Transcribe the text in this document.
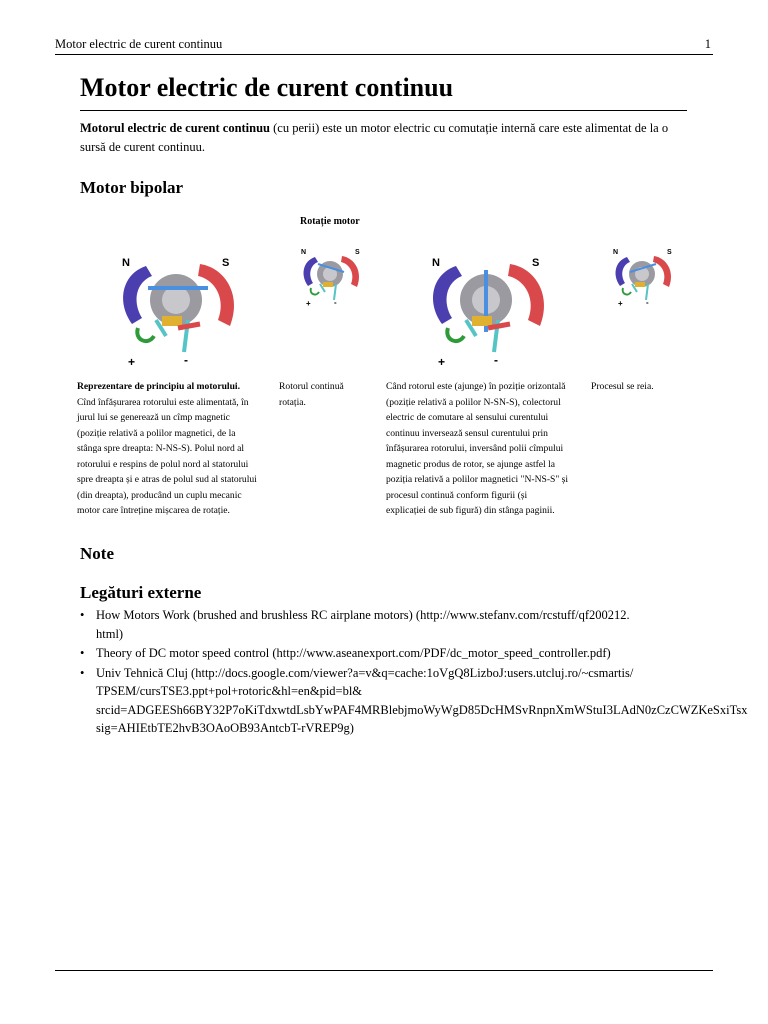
Motor electric de curent continuu	1
Motor electric de curent continuu

Motorul electric de curent continuu (cu perii) este un motor electric cu comutație internă care este alimentat de la o sursă de curent continuu.

Motor bipolar
Rotație motor
N	S
+	-
N	S
+ -
N	S
+	-
N	S
+ -
Reprezentare de principiu al motorului.
Cînd înfășurarea rotorului este alimentată, în
jurul lui se generează un cîmp magnetic
(poziție relativă a polilor magnetici, de la
stânga spre dreapta: N-NS-S). Polul nord al
rotorului e respins de polul nord al statorului
spre dreapta și e atras de polul sud al statorului
(din dreapta), producând un cuplu mecanic
motor care întreține mișcarea de rotație.
Rotorul continuă
rotația.
Când rotorul este (ajunge) în poziție orizontală
(poziție relativă a polilor N-SN-S), colectorul
electric de comutare al sensului curentului
continuu inversează sensul curentului prin
înfășurarea rotorului, inversând polii cîmpului
magnetic produs de rotor, se ajunge astfel la
poziția relativă a polilor magnetici "N-NS-S" și
procesul continuă conform figurii (și
explicației de sub figură) din stânga paginii.
Procesul se reia.
Note
Legături externe
• How Motors Work (brushed and brushless RC airplane motors) (http://www.stefanv.com/rcstuff/qf200212.
html)
• Theory of DC motor speed control (http://www.aseanexport.com/PDF/dc_motor_speed_controller.pdf)
• Univ Tehnică Cluj (http://docs.google.com/viewer?a=v&q=cache:1oVgQ8LizboJ:users.utcluj.ro/~csmartis/
TPSEM/cursTSE3.ppt+pol+rotoric&hl=en&pid=bl&
srcid=ADGEESh66BY32P7oKiTdxwtdLsbYwPAF4MRBlebjmoWyWgD85DcHMSvRnpnXmWStuI3LAdN0zCzCWZKeSxiTsx
sig=AHIEtbTE2hvB3OAoOB93AntcbT-rVREP9g)
